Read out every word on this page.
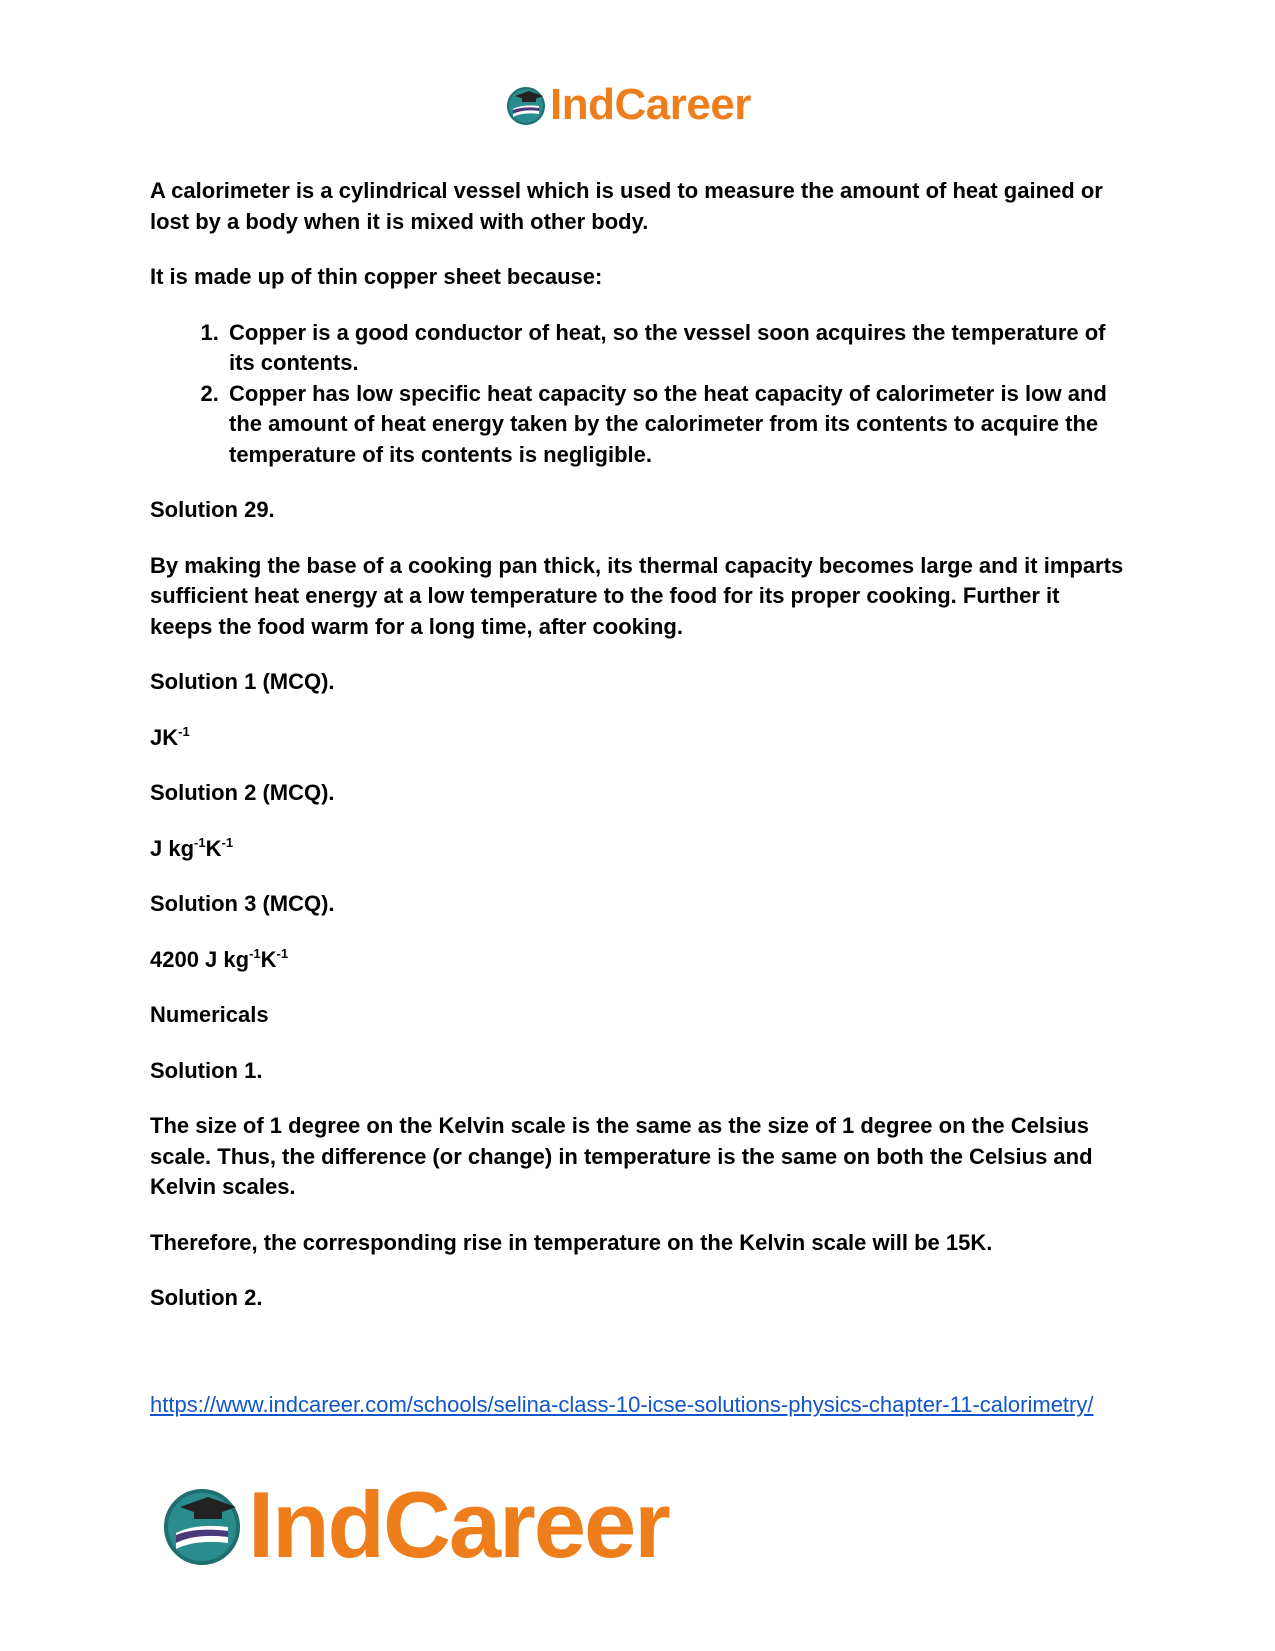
IndCareer

A calorimeter is a cylindrical vessel which is used to measure the amount of heat gained or lost by a body when it is mixed with other body.

It is made up of thin copper sheet because:

1. Copper is a good conductor of heat, so the vessel soon acquires the temperature of its contents.
2. Copper has low specific heat capacity so the heat capacity of calorimeter is low and the amount of heat energy taken by the calorimeter from its contents to acquire the temperature of its contents is negligible.

Solution 29.

By making the base of a cooking pan thick, its thermal capacity becomes large and it imparts sufficient heat energy at a low temperature to the food for its proper cooking. Further it keeps the food warm for a long time, after cooking.

Solution 1 (MCQ).

$JK^{-1}$

Solution 2 (MCQ).

J $kg^{-1}K^{-1}$

Solution 3 (MCQ).

4200 J $kg^{-1}K^{-1}$

Numericals

Solution 1.

The size of 1 degree on the Kelvin scale is the same as the size of 1 degree on the Celsius scale. Thus, the difference (or change) in temperature is the same on both the Celsius and Kelvin scales.

Therefore, the corresponding rise in temperature on the Kelvin scale will be 15K.

Solution 2.

https://www.indcareer.com/schools/selina-class-10-icse-solutions-physics-chapter-11-calorimetry/
IndCareer
